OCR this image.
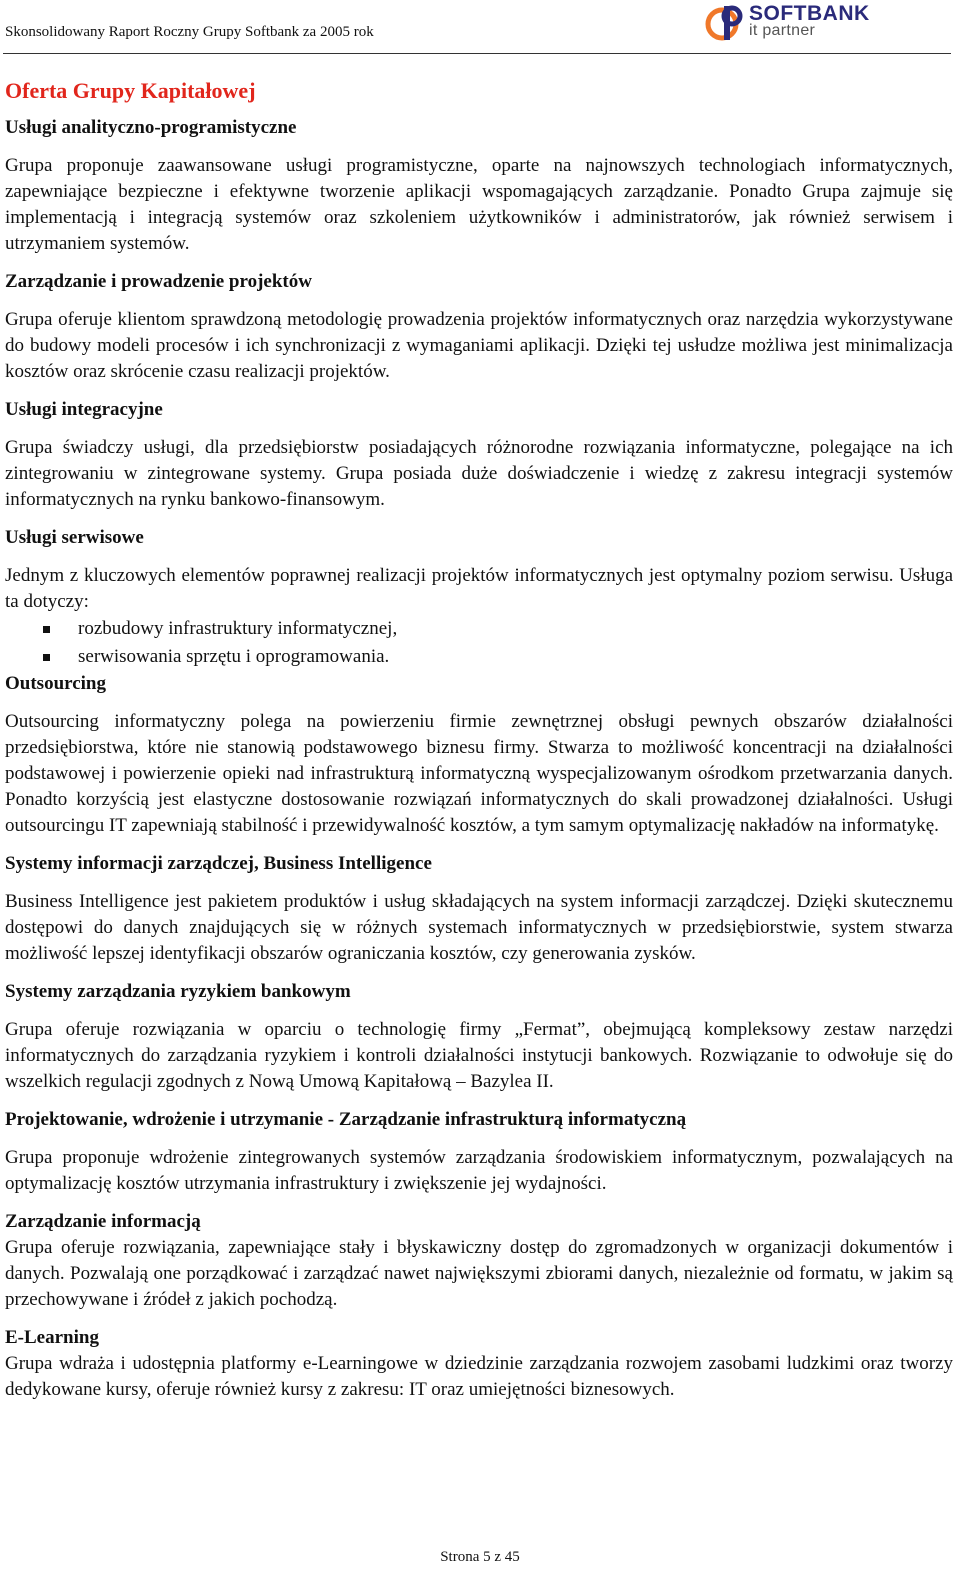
Skonsolidowany Raport Roczny Grupy Softbank za 2005 rok
SOFTBANK
it partner
Oferta Grupy Kapitałowej
Usługi analityczno-programistyczne

Grupa proponuje zaawansowane usługi programistyczne, oparte na najnowszych technologiach informatycznych, zapewniające bezpieczne i efektywne tworzenie aplikacji wspomagających zarządzanie. Ponadto Grupa zajmuje się implementacją i integracją systemów oraz szkoleniem użytkowników i administratorów, jak również serwisem i utrzymaniem systemów.

Zarządzanie i prowadzenie projektów

Grupa oferuje klientom sprawdzoną metodologię prowadzenia projektów informatycznych oraz narzędzia wykorzystywane do budowy modeli procesów i ich synchronizacji z wymaganiami aplikacji. Dzięki tej usłudze możliwa jest minimalizacja kosztów oraz skrócenie czasu realizacji projektów.

Usługi integracyjne

Grupa świadczy usługi, dla przedsiębiorstw posiadających różnorodne rozwiązania informatyczne, polegające na ich zintegrowaniu w zintegrowane systemy. Grupa posiada duże doświadczenie i wiedzę z zakresu integracji systemów informatycznych na rynku bankowo-finansowym.

Usługi serwisowe

Jednym z kluczowych elementów poprawnej realizacji projektów informatycznych jest optymalny poziom serwisu. Usługa ta dotyczy:

rozbudowy infrastruktury informatycznej,
serwisowania sprzętu i oprogramowania.
Outsourcing

Outsourcing informatyczny polega na powierzeniu firmie zewnętrznej obsługi pewnych obszarów działalności przedsiębiorstwa, które nie stanowią podstawowego biznesu firmy. Stwarza to możliwość koncentracji na działalności podstawowej i powierzenie opieki nad infrastrukturą informatyczną wyspecjalizowanym ośrodkom przetwarzania danych. Ponadto korzyścią jest elastyczne dostosowanie rozwiązań informatycznych do skali prowadzonej działalności. Usługi outsourcingu IT zapewniają stabilność i przewidywalność kosztów, a tym samym optymalizację nakładów na informatykę.

Systemy informacji zarządczej, Business Intelligence

Business Intelligence jest pakietem produktów i usług składających na system informacji zarządczej. Dzięki skutecznemu dostępowi do danych znajdujących się w różnych systemach informatycznych w przedsiębiorstwie, system stwarza możliwość lepszej identyfikacji obszarów ograniczania kosztów, czy generowania zysków.

Systemy zarządzania ryzykiem bankowym

Grupa oferuje rozwiązania w oparciu o technologię firmy „Fermat”, obejmującą kompleksowy zestaw narzędzi informatycznych do zarządzania ryzykiem i kontroli działalności instytucji bankowych. Rozwiązanie to odwołuje się do wszelkich regulacji zgodnych z Nową Umową Kapitałową – Bazylea II.

Projektowanie, wdrożenie i utrzymanie - Zarządzanie infrastrukturą informatyczną

Grupa proponuje wdrożenie zintegrowanych systemów zarządzania środowiskiem informatycznym, pozwalających na optymalizację kosztów utrzymania infrastruktury i zwiększenie jej wydajności.

Zarządzanie informacją

Grupa oferuje rozwiązania, zapewniające stały i błyskawiczny dostęp do zgromadzonych w organizacji dokumentów i danych. Pozwalają one porządkować i zarządzać nawet największymi zbiorami danych, niezależnie od formatu, w jakim są przechowywane i źródeł z jakich pochodzą.

E-Learning

Grupa wdraża i udostępnia platformy e-Learningowe w dziedzinie zarządzania rozwojem zasobami ludzkimi oraz tworzy dedykowane kursy, oferuje również kursy z zakresu: IT oraz umiejętności biznesowych.

Strona 5 z 45
